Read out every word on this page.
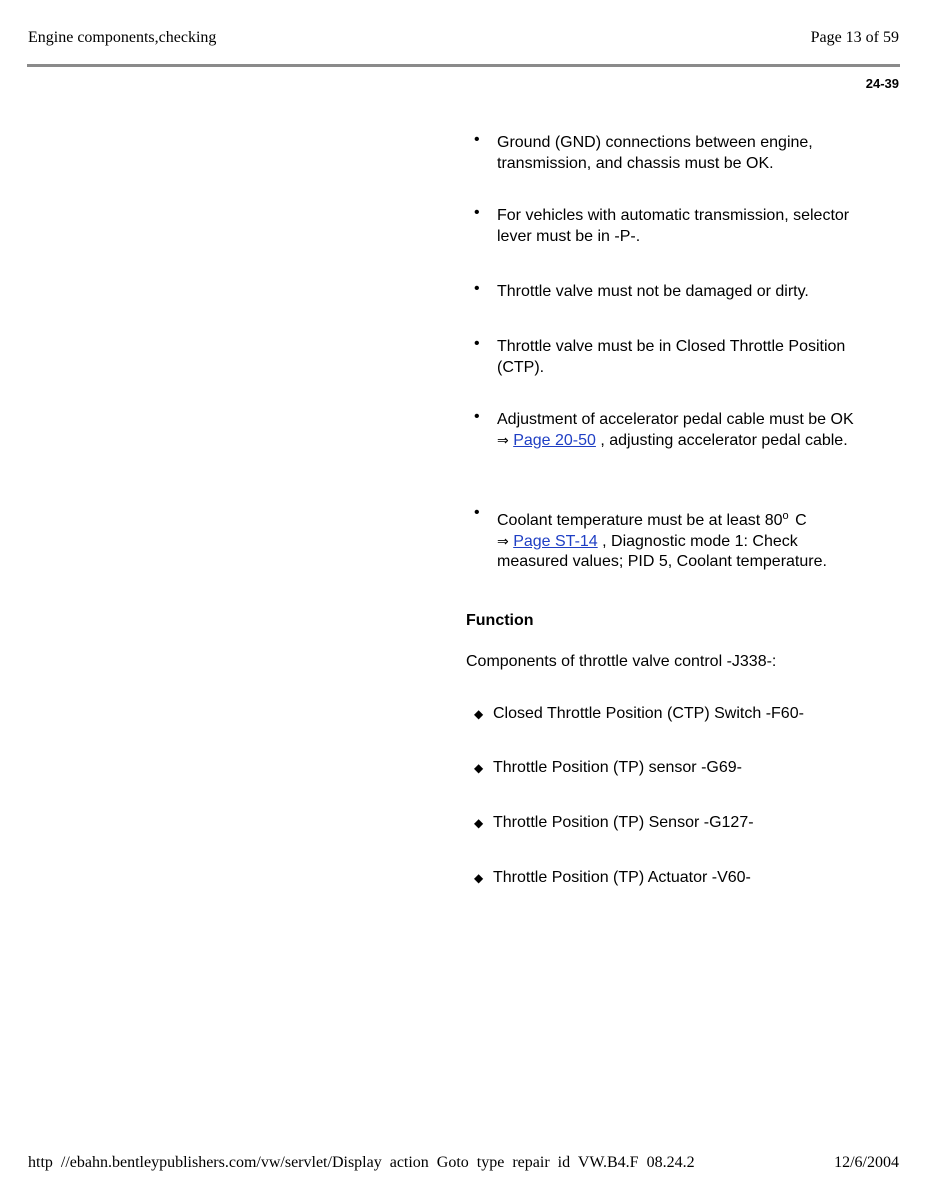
Engine components,checking	Page 13 of 59
24-39
• Ground (GND) connections between engine, transmission, and chassis must be OK.
• For vehicles with automatic transmission, selector lever must be in -P-.
• Throttle valve must not be damaged or dirty.
• Throttle valve must be in Closed Throttle Position (CTP).
• Adjustment of accelerator pedal cable must be OK ⇒ Page 20-50 , adjusting accelerator pedal cable.
• Coolant temperature must be at least 80$^o$ C
⇒ Page ST-14 , Diagnostic mode 1: Check measured values; PID 5, Coolant temperature.
Function
Components of throttle valve control -J338-:
◆ Closed Throttle Position (CTP) Switch -F60-
◆ Throttle Position (TP) sensor -G69-
◆ Throttle Position (TP) Sensor -G127-
◆ Throttle Position (TP) Actuator -V60-
http //ebahn.bentleypublishers.com/vw/servlet/Display action Goto type repair id VW.B4.F 08.24.2	12/6/2004
